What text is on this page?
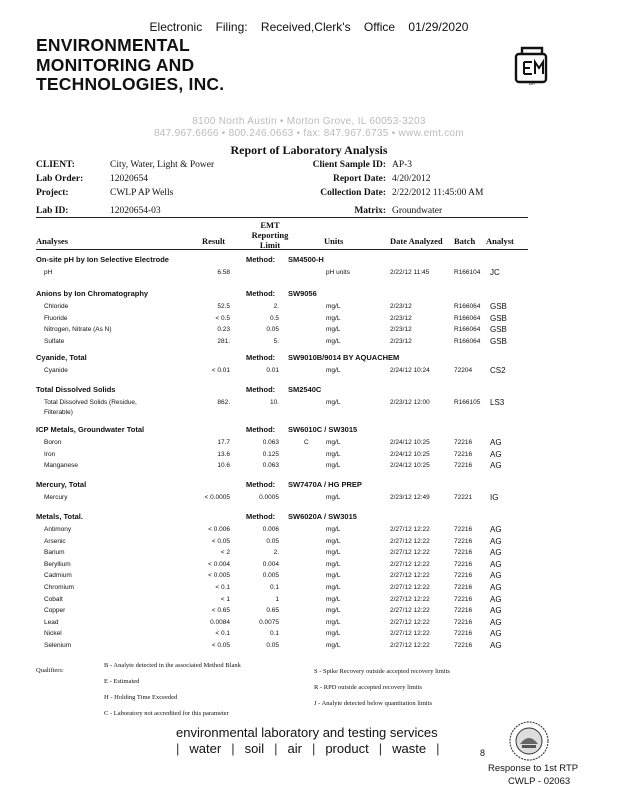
Electronic Filing: Received,Clerk's Office 01/29/2020
ENVIRONMENTAL
MONITORING AND
TECHNOLOGIES, INC.	EMT
8100 North Austin • Morton Grove, IL 60053-3203
847.967.6666 • 800.246.0663 • fax: 847.967.6735 • www.emt.com
Report of Laboratory Analysis
CLIENT:	City, Water, Light & Power
Lab Order:	12020654
Project:	CWLP AP Wells
Lab ID:	12020654-03
Client Sample ID: AP-3
Report Date: 4/20/2012
Collection Date: 2/22/2012 11:45:00 AM
Matrix: Groundwater
Analyses	Result
EMT
Reporting
Limit	Units	Date Analyzed Batch Analyst
On-site pH by Ion Selective Electrode	Method: SM4500-H
pH	6.58	pH units	2/22/12 11:45	R166104 JC
Anions by Ion Chromatography	Method: SW9056
Chloride	52.5	2.	mg/L	2/23/12	R166064 GSB
Fluoride	< 0.5	0.5	mg/L	2/23/12	R166064 GSB
Nitrogen, Nitrate (As N)	0.23	0.05	mg/L	2/23/12	R166064 GSB
Sulfate	281.	5.	mg/L	2/23/12	R166064 GSB
Cyanide, Total	Method: SW9010B/9014 BY AQUACHEM
Cyanide	< 0.01	0.01	mg/L	2/24/12 10:24	72204 CS2
Total Dissolved Solids	Method: SM2540C
Total Dissolved Solids (Residue,	862.	10.	mg/L	2/23/12 12:00	R166105 LS3
Filterable)
ICP Metals, Groundwater Total	Method: SW6010C / SW3015
Boron	17.7	0.063	mg/L	2/24/12 10:25	72216 AG
C
Iron	13.6	0.125	mg/L	2/24/12 10:25	72216 AG
Manganese	10.6	0.063	mg/L	2/24/12 10:25	72216 AG
Mercury, Total	Method: SW7470A / HG PREP
Mercury	< 0.0005	0.0005	mg/L	2/23/12 12:49	72221 IG
Metals, Total.	Method: SW6020A / SW3015
Antimony	< 0.006	0.006	mg/L	2/27/12 12:22	72216 AG
Arsenic	< 0.05	0.05	mg/L	2/27/12 12:22	72216 AG
Barium	< 2	2.	mg/L	2/27/12 12:22	72216 AG
Beryllium	< 0.004	0.004	mg/L	2/27/12 12:22	72216 AG
Cadmium	< 0.005	0.005	mg/L	2/27/12 12:22	72216 AG
Chromium	< 0.1	0.1	mg/L	2/27/12 12:22	72216 AG
Cobalt	< 1	1	mg/L	2/27/12 12:22	72216 AG
Copper	< 0.65	0.65	mg/L	2/27/12 12:22	72216 AG
Lead	0.0084	0.0075	mg/L	2/27/12 12:22	72216 AG
Nickel	< 0.1	0.1	mg/L	2/27/12 12:22	72216 AG
Selenium	< 0.05	0.05	mg/L	2/27/12 12:22	72216 AG
Qualifiers:
B - Analyte detected in the associated Method Blank
E - Estimated
H - Holding Time Exceeded
C - Laboratory not accredited for this parameter
S - Spike Recovery outside accepted recovery limits
R - RPD outside accepted recovery limits
J - Analyte detected below quantitation limits
environmental laboratory and testing services
| water | soil | air | product | waste |	8
Response to 1st RTP
CWLP - 02063
